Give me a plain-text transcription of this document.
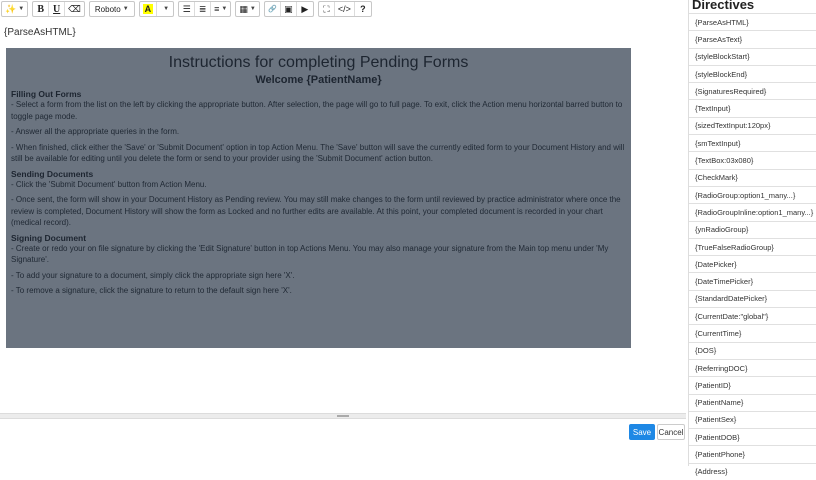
✨ ▼	B U ⌫ Roboto ▼ A	▼ ☰ ≣ ≡ ▼ ▦ ▼ 🔗 ▣ ▶ ⛶ </> ?
{ParseAsHTML}
Instructions for completing Pending Forms
Welcome {PatientName}
Filling Out Forms
- Select a form from the list on the left by clicking the appropriate button. After selection, the page will go to full page. To exit, click the Action menu horizontal barred button to toggle page mode.
- Answer all the appropriate queries in the form.
- When finished, click either the 'Save' or 'Submit Document' option in top Action Menu. The 'Save' button will save the currently edited form to your Document History and will still be available for editing until you delete the form or send to your provider using the 'Submit Document' action button.
Sending Documents
- Click the 'Submit Document' button from Action Menu.
- Once sent, the form will show in your Document History as Pending review. You may still make changes to the form until reviewed by practice administrator where once the review is completed, Document History will show the form as Locked and no further edits are available. At this point, your completed document is recorded in your chart (medical record).
Signing Document
- Create or redo your on file signature by clicking the 'Edit Signature' button in top Actions Menu. You may also manage your signature from the Main top menu under 'My Signature'.
- To add your signature to a document, simply click the appropriate sign here 'X'.
- To remove a signature, click the signature to return to the default sign here 'X'.
Save Cancel
Directives
{ParseAsHTML}
{ParseAsText}
{styleBlockStart}
{styleBlockEnd}
{SignaturesRequired}
{TextInput}
{sizedTextInput:120px}
{smTextInput}
{TextBox:03x080}
{CheckMark}
{RadioGroup:option1_many...}
{RadioGroupInline:option1_many...}
{ynRadioGroup}
{TrueFalseRadioGroup}
{DatePicker}
{DateTimePicker}
{StandardDatePicker}
{CurrentDate:"global"}
{CurrentTime}
{DOS}
{ReferringDOC}
{PatientID}
{PatientName}
{PatientSex}
{PatientDOB}
{PatientPhone}
{Address}
